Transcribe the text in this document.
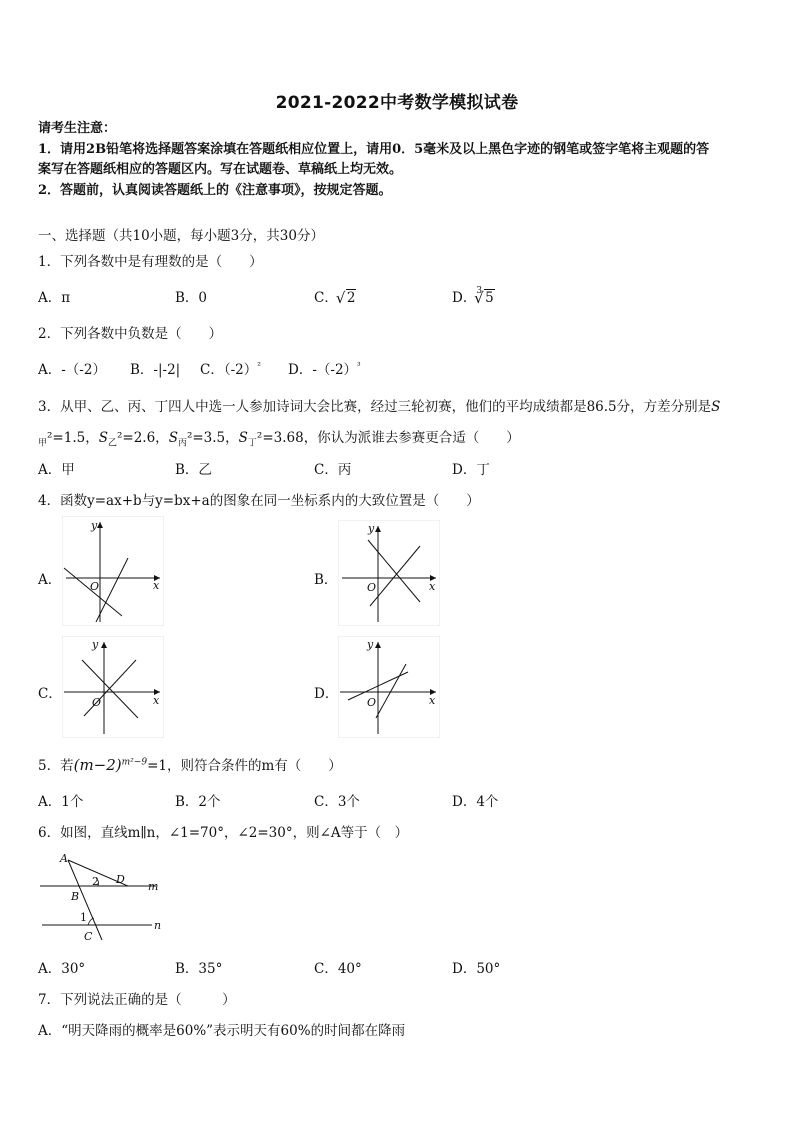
2021-2022中考数学模拟试卷
请考生注意：
1．请用2B铅笔将选择题答案涂填在答题纸相应位置上，请用0．5毫米及以上黑色字迹的钢笔或签字笔将主观题的答
案写在答题纸相应的答题区内。写在试题卷、草稿纸上均无效。
2．答题前，认真阅读答题纸上的《注意事项》，按规定答题。
一、选择题（共10小题，每小题3分，共30分）
1．下列各数中是有理数的是（　　）
A．π	B．0	C． √ 2	D．$^3$ √ 5
2．下列各数中负数是（　　）
A．-（-2） B．-|-2| C．$(-2)^{^2}$ D．$-(-2)^{^3}$
3．从甲、乙、丙、丁四人中选一人参加诗词大会比赛，经过三轮初赛，他们的平均成绩都是86.5分，方差分别是S
$_甲$²=1.5，$S_乙^2=2.6$，$S_丙^2=3.5$，$S_丁^2=3.68$，你认为派谁去参赛更合适（　　）
A．甲	B．乙	C．丙	D．丁
4．函数y=ax+b与y=bx+a的图象在同一坐标系内的大致位置是（　　）
A．	x
y
O	B．	x
y
O
C．	x
y
O
D．	x
y
O
5．若$(m-2)^{m^2-9}=1$，则符合条件的m有（　　）
A．1个	B．2个	C．3个	D．4个
6．如图，直线m∥n，∠1=70°，∠2=30°，则∠A等于（　）
A
B
C
D
m
n
1
2
A．30°	B．35°	C．40°	D．50°
7．下列说法正确的是（　　　）
A．“明天降雨的概率是60%”表示明天有60%的时间都在降雨
